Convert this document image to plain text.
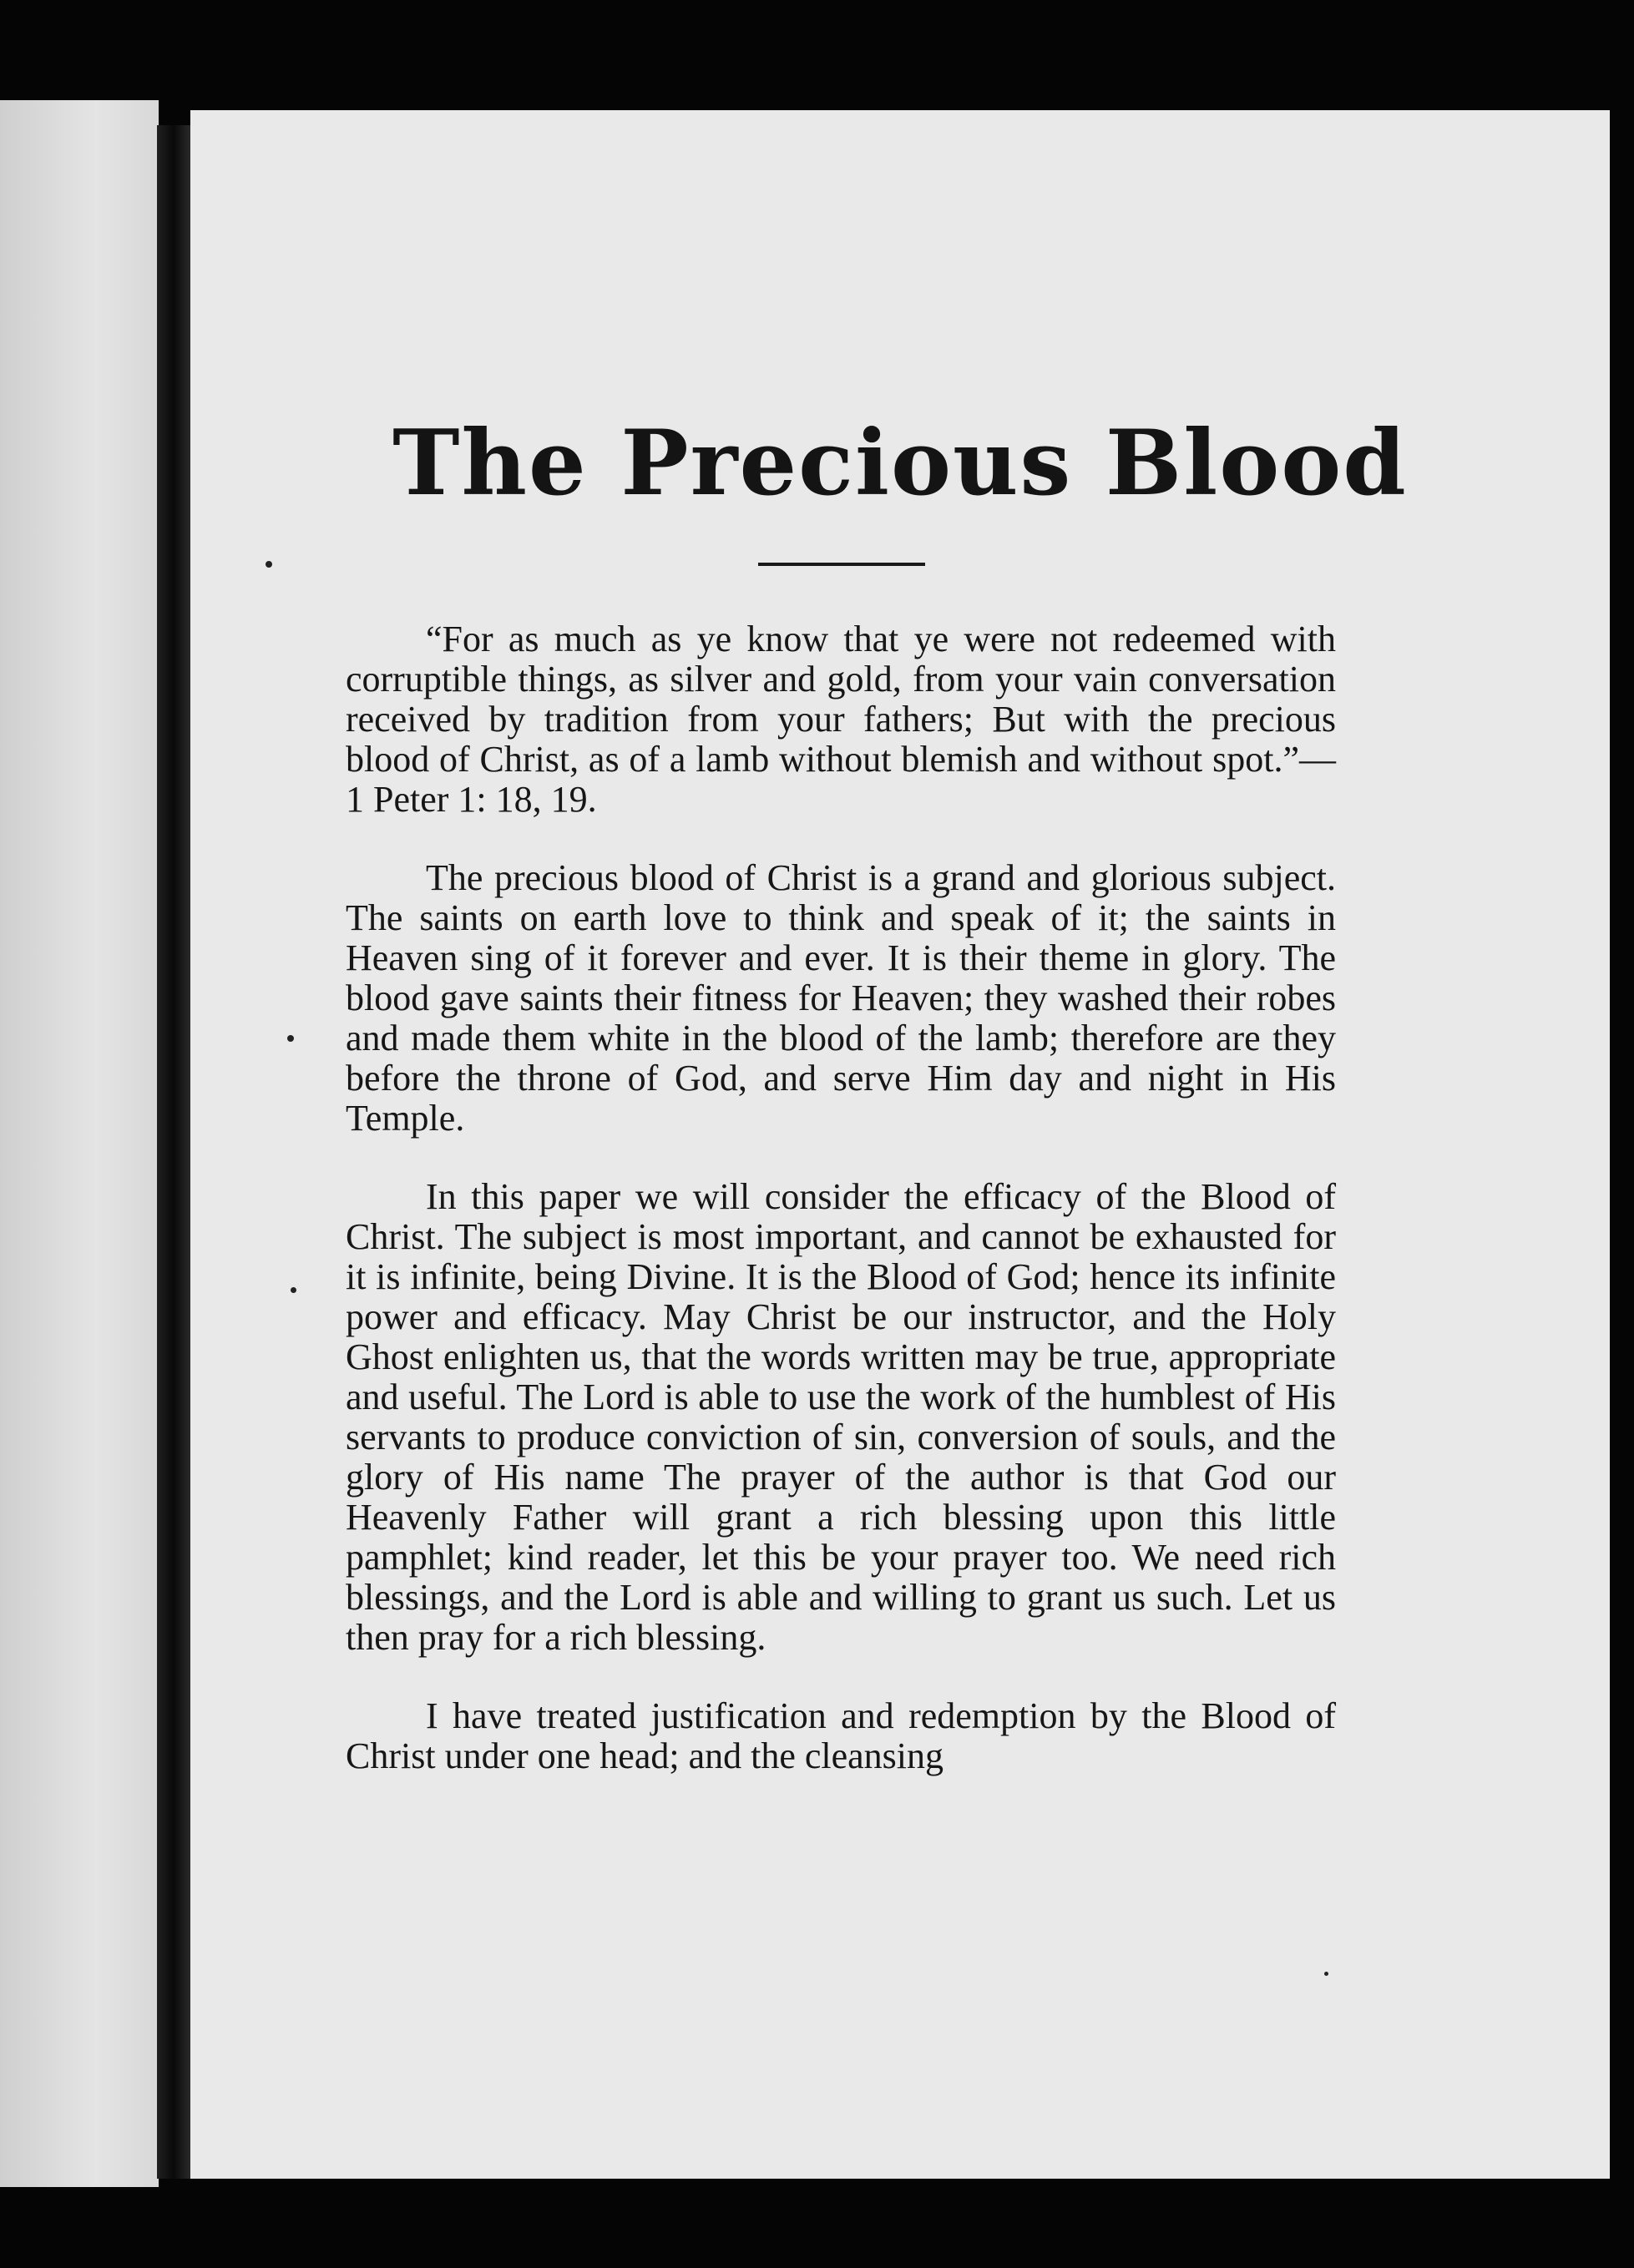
The Precious Blood

“For as much as ye know that ye were not redeemed with corruptible things, as silver and gold, from your vain conversation received by tradition from your fathers; But with the precious blood of Christ, as of a lamb without blemish and without spot.”—1 Peter 1: 18, 19.

The precious blood of Christ is a grand and glorious subject. The saints on earth love to think and speak of it; the saints in Heaven sing of it forever and ever. It is their theme in glory. The blood gave saints their fitness for Heaven; they washed their robes and made them white in the blood of the lamb; therefore are they before the throne of God, and serve Him day and night in His Temple.

In this paper we will consider the efficacy of the Blood of Christ. The subject is most important, and cannot be exhausted for it is infinite, being Divine. It is the Blood of God; hence its infinite power and efficacy. May Christ be our instructor, and the Holy Ghost enlighten us, that the words written may be true, appropriate and useful. The Lord is able to use the work of the humblest of His servants to produce conviction of sin, conversion of souls, and the glory of His name The prayer of the author is that God our Heavenly Father will grant a rich blessing upon this little pamphlet; kind reader, let this be your prayer too. We need rich blessings, and the Lord is able and willing to grant us such. Let us then pray for a rich blessing.

I have treated justification and redemption by the Blood of Christ under one head; and the cleansing
